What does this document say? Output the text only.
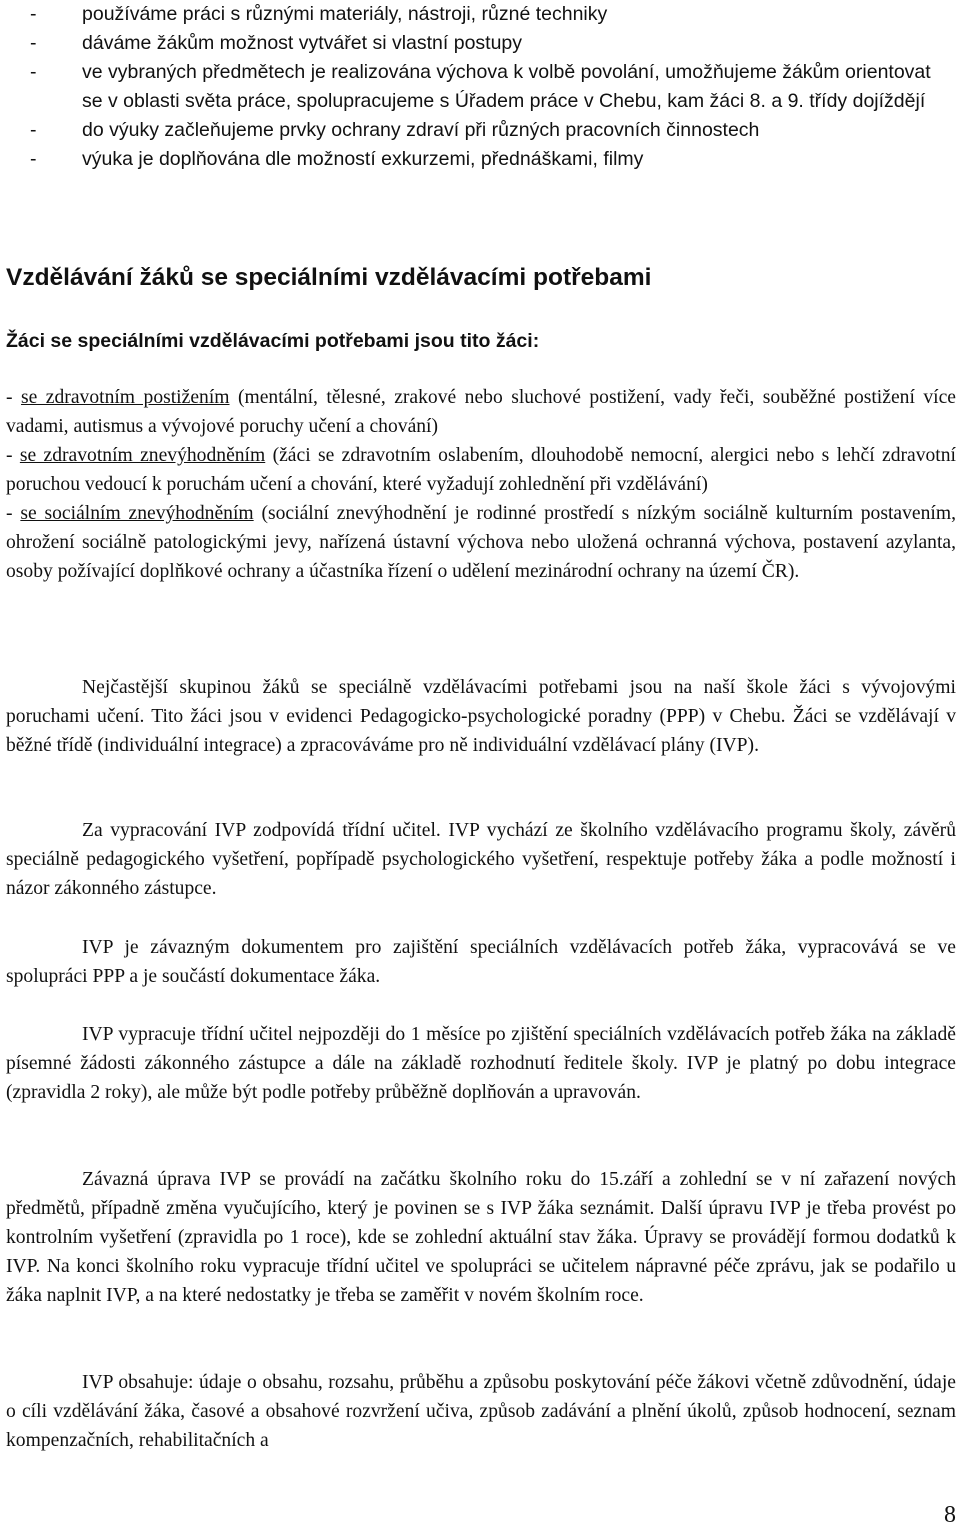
- používáme práci s různými materiály, nástroji, různé techniky
- dáváme žákům možnost vytvářet si vlastní postupy
- ve vybraných předmětech je realizována výchova k volbě povolání, umožňujeme žákům orientovat se v oblasti světa práce, spolupracujeme s Úřadem práce v Chebu, kam žáci 8. a 9. třídy dojíždějí
- do výuky začleňujeme prvky ochrany zdraví při různých pracovních činnostech
- výuka je doplňována dle možností exkurzemi, přednáškami, filmy
Vzdělávání žáků se speciálními vzdělávacími potřebami
Žáci se speciálními vzdělávacími potřebami jsou tito žáci:

- se zdravotním postižením (mentální, tělesné, zrakové nebo sluchové postižení, vady řeči, souběžné postižení více vadami, autismus a vývojové poruchy učení a chování)

- se zdravotním znevýhodněním (žáci se zdravotním oslabením, dlouhodobě nemocní, alergici nebo s lehčí zdravotní poruchou vedoucí k poruchám učení a chování, které vyžadují zohlednění při vzdělávání)

- se sociálním znevýhodněním (sociální znevýhodnění je rodinné prostředí s nízkým sociálně kulturním postavením, ohrožení sociálně patologickými jevy, nařízená ústavní výchova nebo uložená ochranná výchova, postavení azylanta, osoby požívající doplňkové ochrany a účastníka řízení o udělení mezinárodní ochrany na území ČR).

Nejčastější skupinou žáků se speciálně vzdělávacími potřebami jsou na naší škole žáci s vývojovými poruchami učení. Tito žáci jsou v evidenci Pedagogicko-psychologické poradny (PPP) v Chebu. Žáci se vzdělávají v běžné třídě (individuální integrace) a zpracováváme pro ně individuální vzdělávací plány (IVP).

Za vypracování IVP zodpovídá třídní učitel. IVP vychází ze školního vzdělávacího programu školy, závěrů speciálně pedagogického vyšetření, popřípadě psychologického vyšetření, respektuje potřeby žáka a podle možností i názor zákonného zástupce.

IVP je závazným dokumentem pro zajištění speciálních vzdělávacích potřeb žáka, vypracovává se ve spolupráci PPP a je součástí dokumentace žáka.

IVP vypracuje třídní učitel nejpozději do 1 měsíce po zjištění speciálních vzdělávacích potřeb žáka na základě písemné žádosti zákonného zástupce a dále na základě rozhodnutí ředitele školy. IVP je platný po dobu integrace (zpravidla 2 roky), ale může být podle potřeby průběžně doplňován a upravován.

Závazná úprava IVP se provádí na začátku školního roku do 15.září a zohlední se v ní zařazení nových předmětů, případně změna vyučujícího, který je povinen se s IVP žáka seznámit. Další úpravu IVP je třeba provést po kontrolním vyšetření (zpravidla po 1 roce), kde se zohlední aktuální stav žáka. Úpravy se provádějí formou dodatků k IVP. Na konci školního roku vypracuje třídní učitel ve spolupráci se učitelem nápravné péče zprávu, jak se podařilo u žáka naplnit IVP, a na které nedostatky je třeba se zaměřit v novém školním roce.

IVP obsahuje: údaje o obsahu, rozsahu, průběhu a způsobu poskytování péče žákovi včetně zdůvodnění, údaje o cíli vzdělávání žáka, časové a obsahové rozvržení učiva, způsob zadávání a plnění úkolů, způsob hodnocení, seznam kompenzačních, rehabilitačních a

8
